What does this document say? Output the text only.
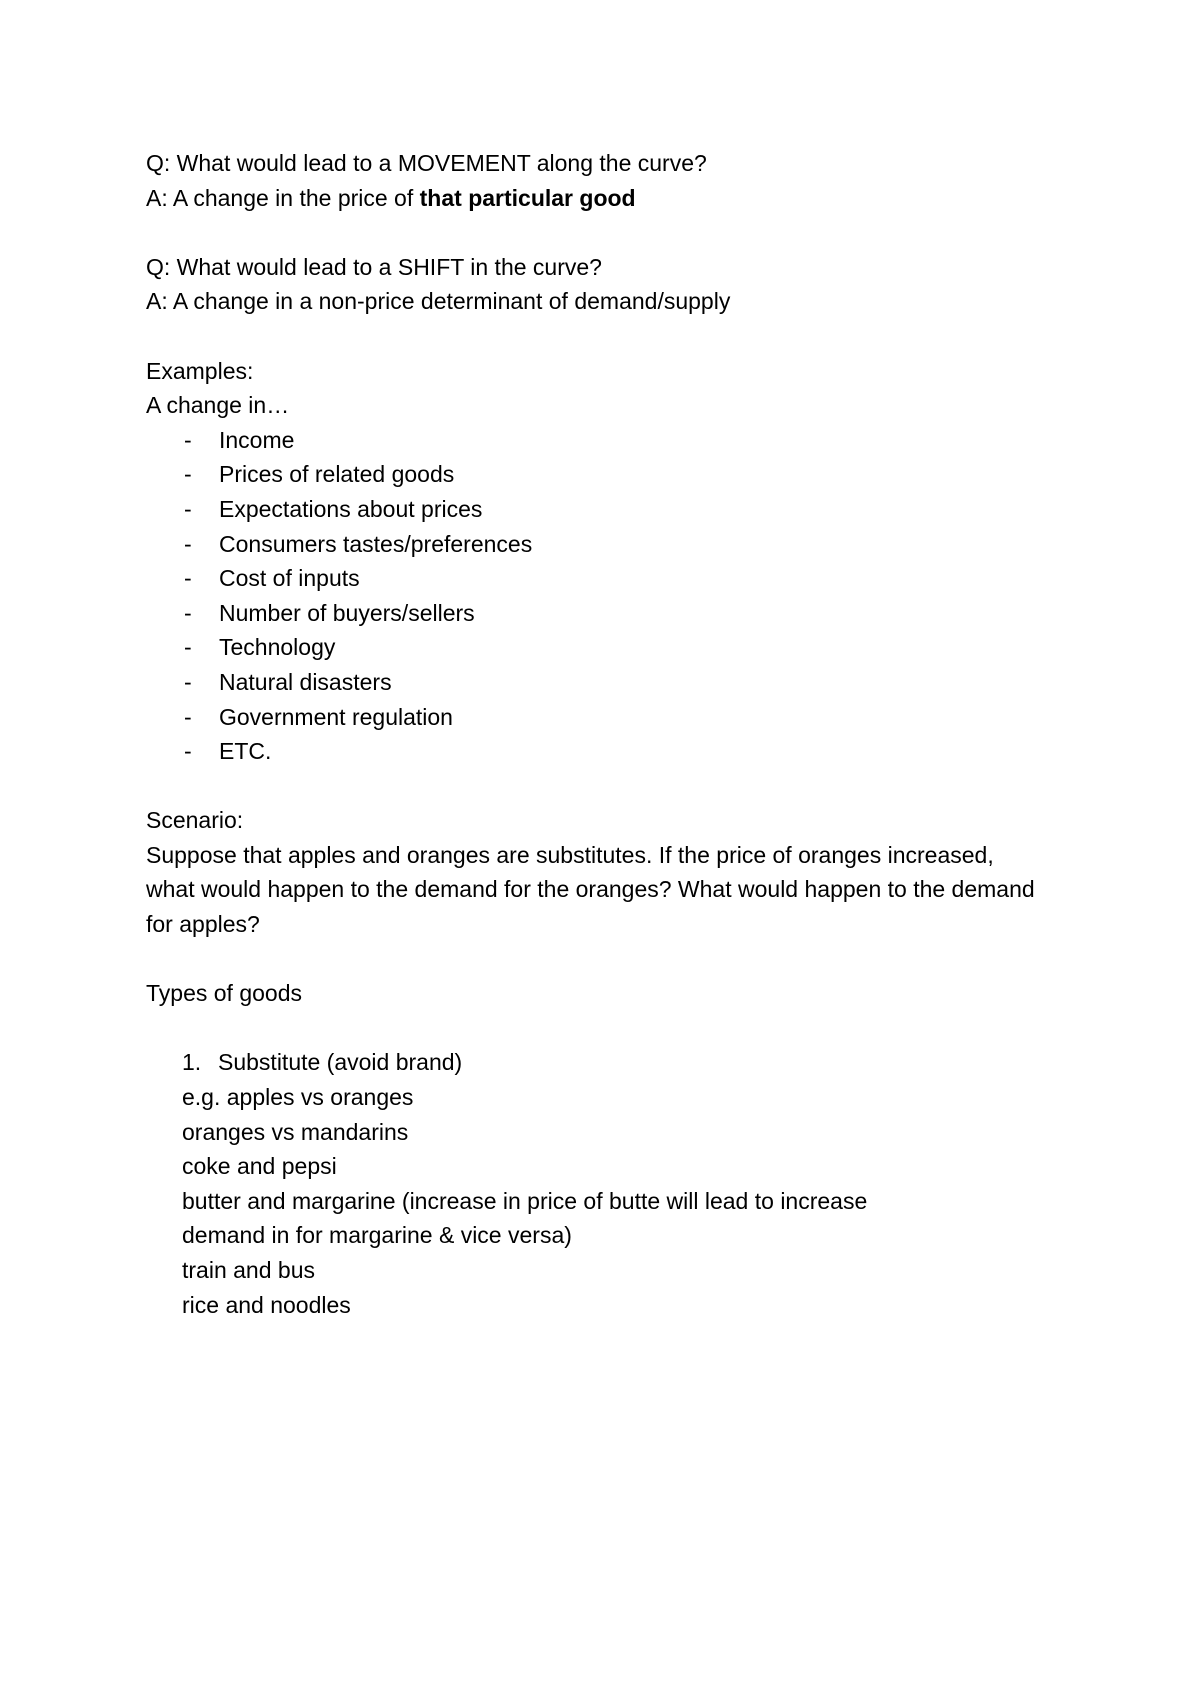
Q: What would lead to a MOVEMENT along the curve?
A: A change in the price of that particular good
Q: What would lead to a SHIFT in the curve?
A: A change in a non-price determinant of demand/supply
Examples:
A change in…
- Income
- Prices of related goods
- Expectations about prices
- Consumers tastes/preferences
- Cost of inputs
- Number of buyers/sellers
- Technology
- Natural disasters
- Government regulation
- ETC.
Scenario:
Suppose that apples and oranges are substitutes. If the price of oranges increased, what would happen to the demand for the oranges? What would happen to the demand for apples?
Types of goods
1. Substitute (avoid brand)
e.g. apples vs oranges
oranges vs mandarins
coke and pepsi
butter and margarine (increase in price of butte will lead to increase
demand in for margarine & vice versa)
train and bus
rice and noodles
